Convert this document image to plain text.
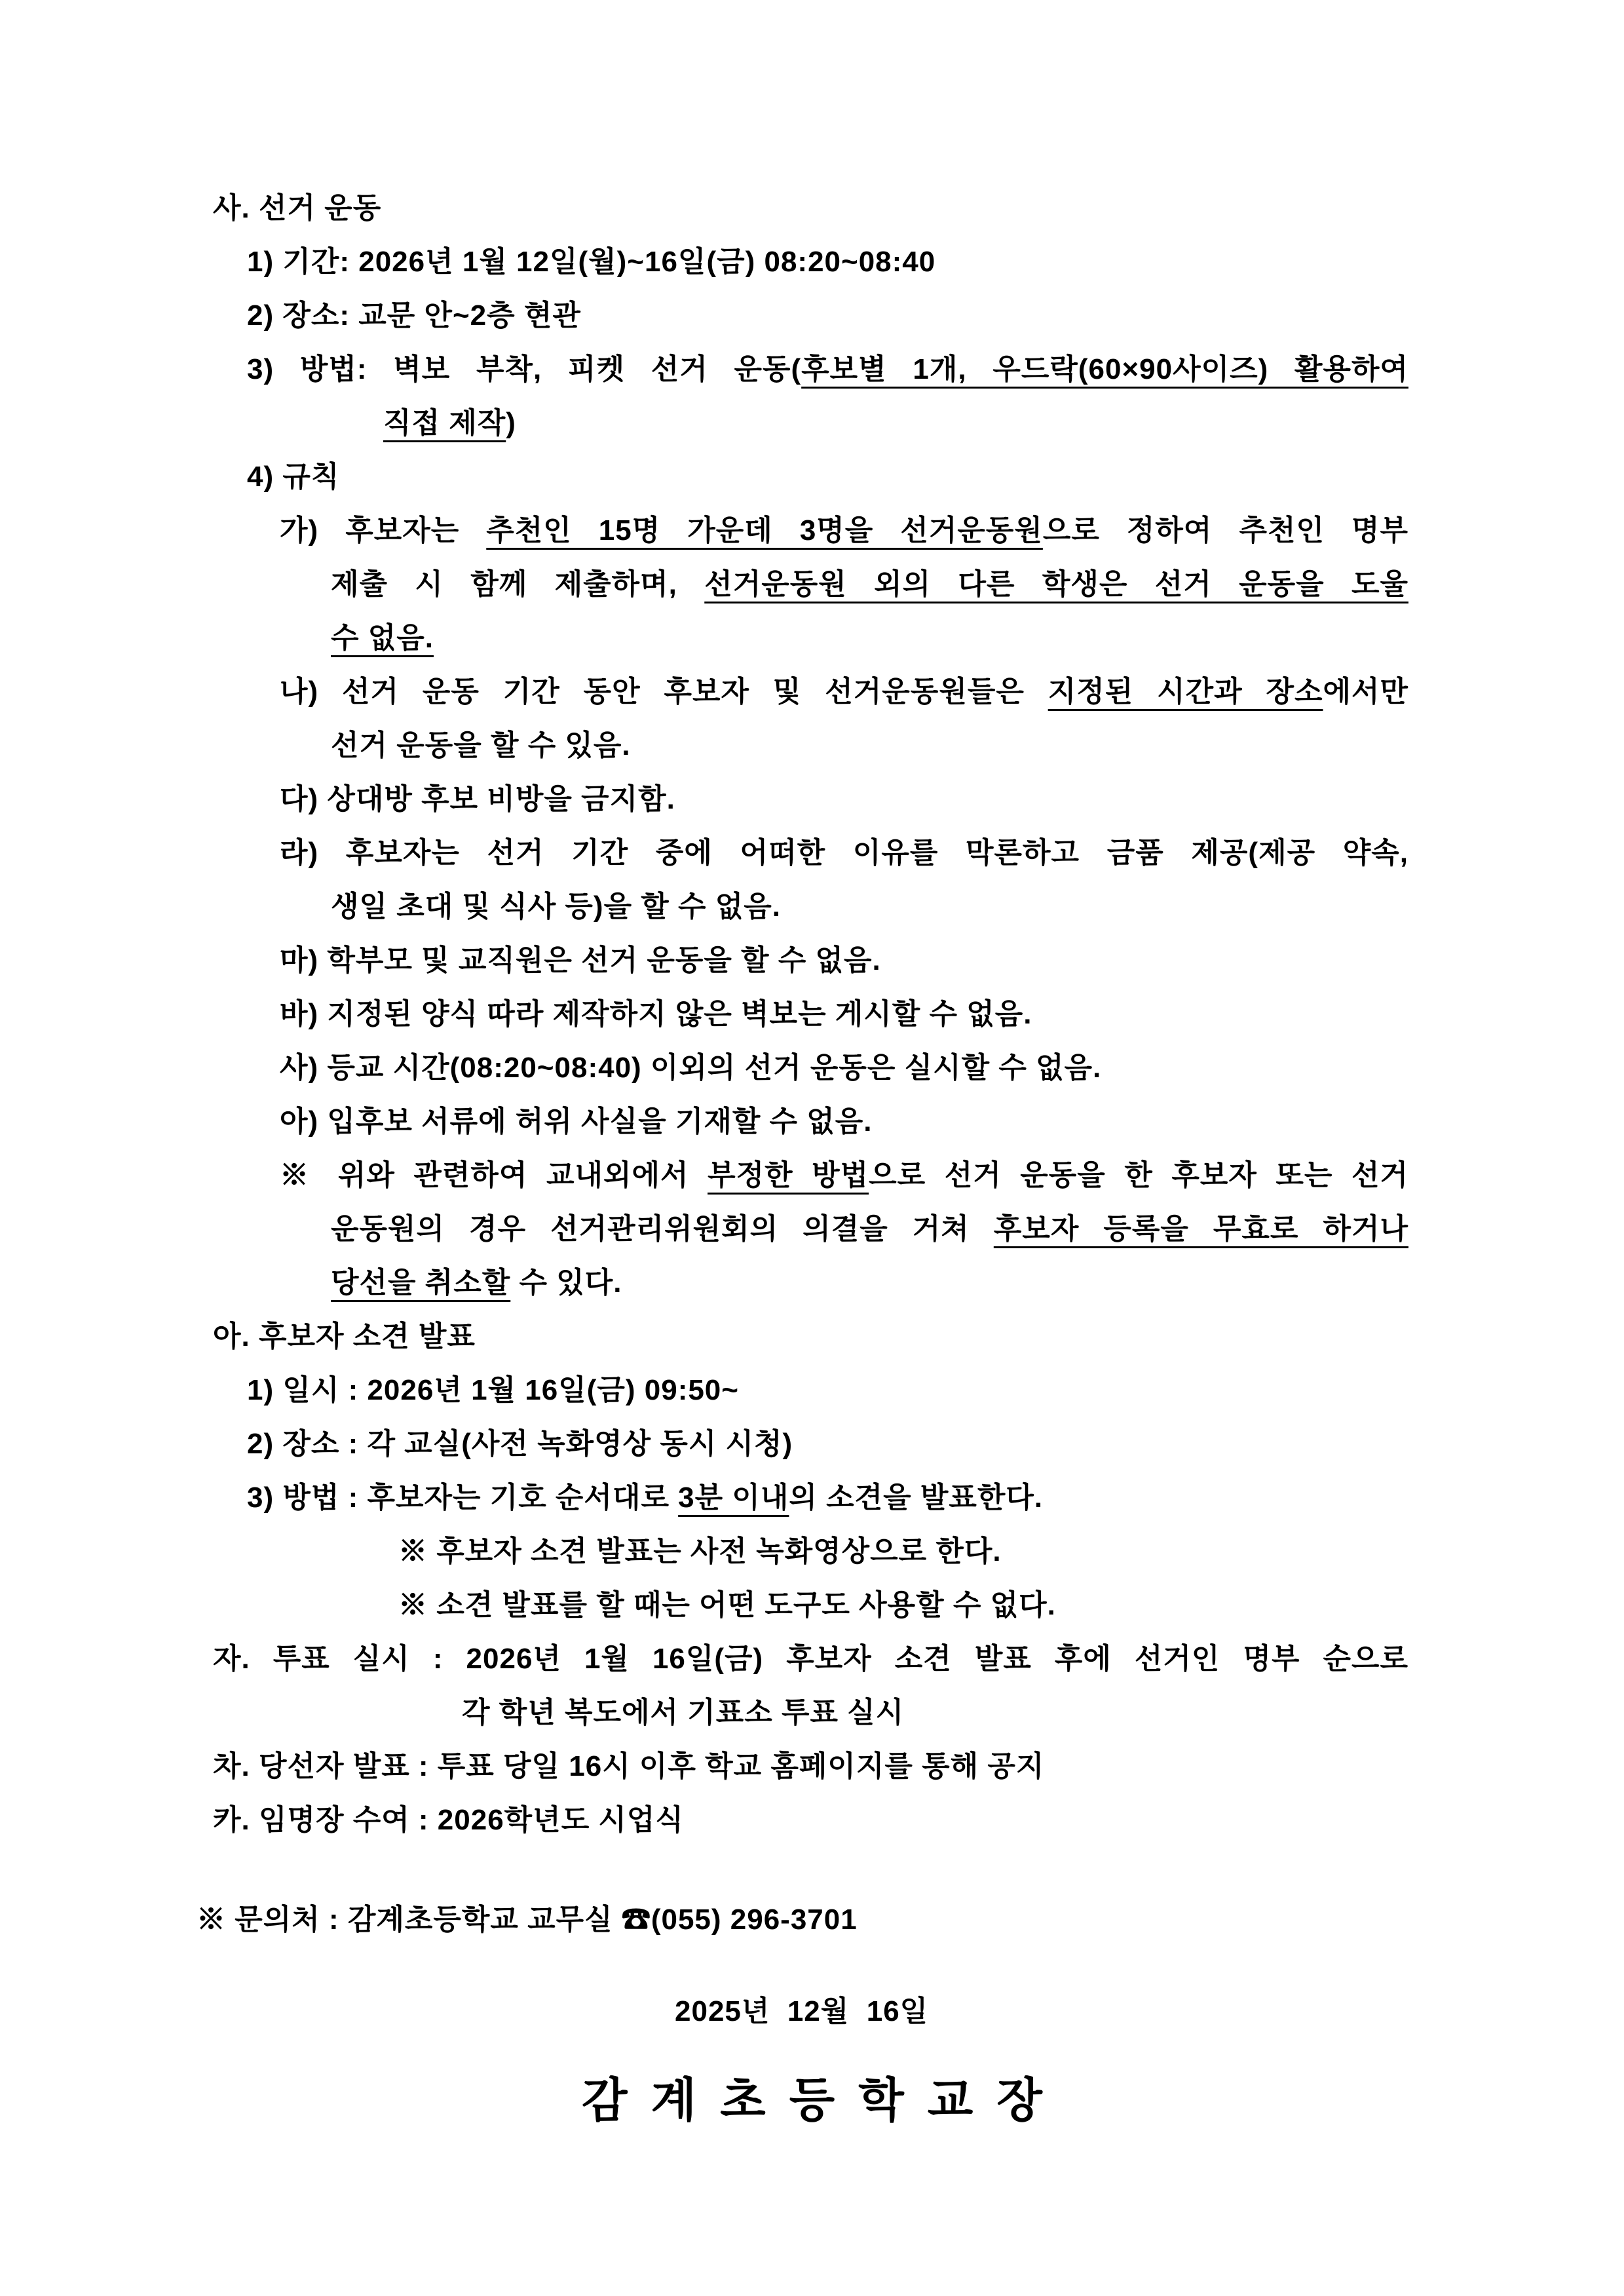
사. 선거 운동
1) 기간: 2026년 1월 12일(월)~16일(금) 08:20~08:40
2) 장소: 교문 안~2층 현관
3) 방법: 벽보 부착, 피켓 선거 운동(후보별 1개, 우드락(60×90사이즈) 활용하여
직접 제작)
4) 규칙
가) 후보자는 추천인 15명 가운데 3명을 선거운동원으로 정하여 추천인 명부
제출 시 함께 제출하며, 선거운동원 외의 다른 학생은 선거 운동을 도울
수 없음.
나) 선거 운동 기간 동안 후보자 및 선거운동원들은 지정된 시간과 장소에서만
선거 운동을 할 수 있음.
다) 상대방 후보 비방을 금지함.
라) 후보자는 선거 기간 중에 어떠한 이유를 막론하고 금품 제공(제공 약속,
생일 초대 및 식사 등)을 할 수 없음.
마) 학부모 및 교직원은 선거 운동을 할 수 없음.
바) 지정된 양식 따라 제작하지 않은 벽보는 게시할 수 없음.
사) 등교 시간(08:20~08:40) 이외의 선거 운동은 실시할 수 없음.
아) 입후보 서류에 허위 사실을 기재할 수 없음.
※ 위와 관련하여 교내외에서 부정한 방법으로 선거 운동을 한 후보자 또는 선거
운동원의 경우 선거관리위원회의 의결을 거쳐 후보자 등록을 무효로 하거나
당선을 취소할 수 있다.
아. 후보자 소견 발표
1) 일시 : 2026년 1월 16일(금) 09:50~
2) 장소 : 각 교실(사전 녹화영상 동시 시청)
3) 방법 : 후보자는 기호 순서대로 3분 이내의 소견을 발표한다.
※ 후보자 소견 발표는 사전 녹화영상으로 한다.
※ 소견 발표를 할 때는 어떤 도구도 사용할 수 없다.
자. 투표 실시 : 2026년 1월 16일(금) 후보자 소견 발표 후에 선거인 명부 순으로
각 학년 복도에서 기표소 투표 실시
차. 당선자 발표 : 투표 당일 16시 이후 학교 홈페이지를 통해 공지
카. 임명장 수여 : 2026학년도 시업식
※ 문의처 : 감계초등학교 교무실 ☎(055) 296-3701
2025년  12월  16일
감 계 초 등 학 교 장
